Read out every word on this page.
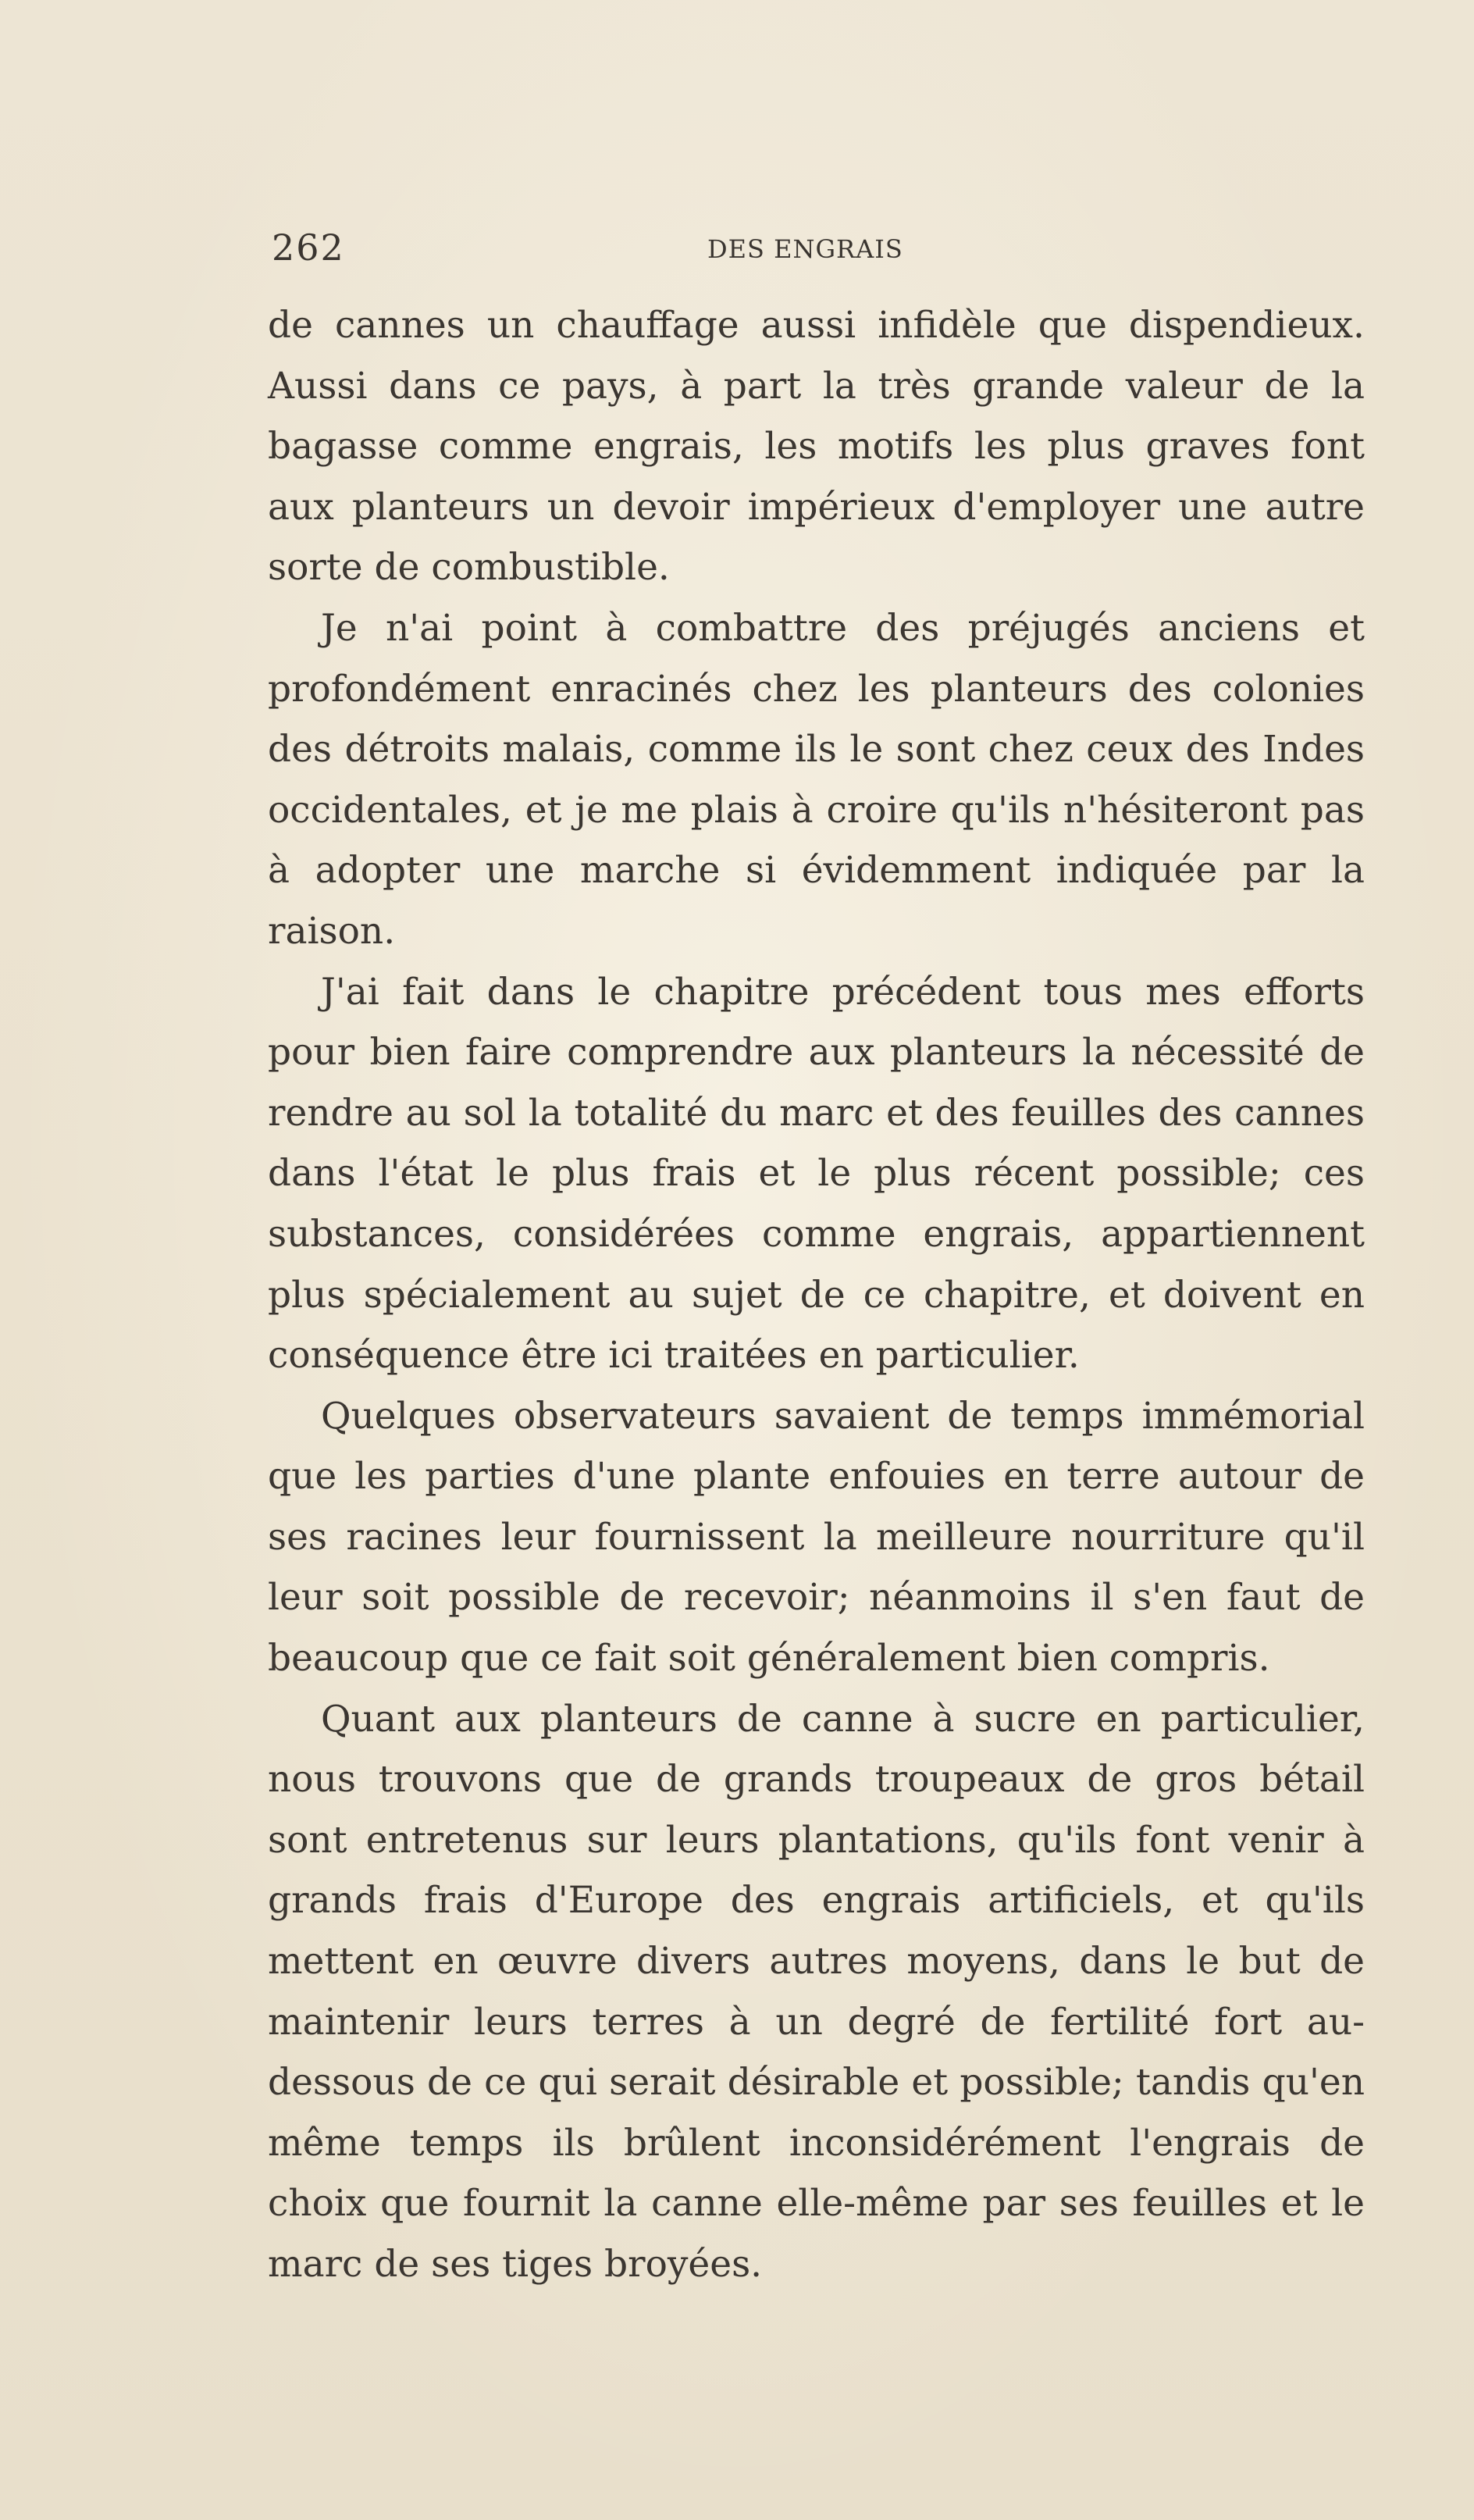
262	DES ENGRAIS

de cannes un chauffage aussi infidèle que dispendieux. Aussi dans ce pays, à part la très grande valeur de la bagasse comme engrais, les motifs les plus graves font aux planteurs un devoir impérieux d'employer une autre sorte de combustible.

Je n'ai point à combattre des préjugés anciens et profondément enracinés chez les planteurs des colonies des détroits malais, comme ils le sont chez ceux des Indes occidentales, et je me plais à croire qu'ils n'hésiteront pas à adopter une marche si évidemment indiquée par la raison.

J'ai fait dans le chapitre précédent tous mes efforts pour bien faire comprendre aux planteurs la nécessité de rendre au sol la totalité du marc et des feuilles des cannes dans l'état le plus frais et le plus récent possible; ces substances, considérées comme engrais, appartiennent plus spécialement au sujet de ce chapitre, et doivent en conséquence être ici traitées en particulier.

Quelques observateurs savaient de temps immémorial que les parties d'une plante enfouies en terre autour de ses racines leur fournissent la meilleure nourriture qu'il leur soit possible de recevoir; néanmoins il s'en faut de beaucoup que ce fait soit généralement bien compris.

Quant aux planteurs de canne à sucre en particulier, nous trouvons que de grands troupeaux de gros bétail sont entretenus sur leurs plantations, qu'ils font venir à grands frais d'Europe des engrais artificiels, et qu'ils mettent en œuvre divers autres moyens, dans le but de maintenir leurs terres à un degré de fertilité fort au-dessous de ce qui serait désirable et possible; tandis qu'en même temps ils brûlent inconsidérément l'engrais de choix que fournit la canne elle-même par ses feuilles et le marc de ses tiges broyées.
